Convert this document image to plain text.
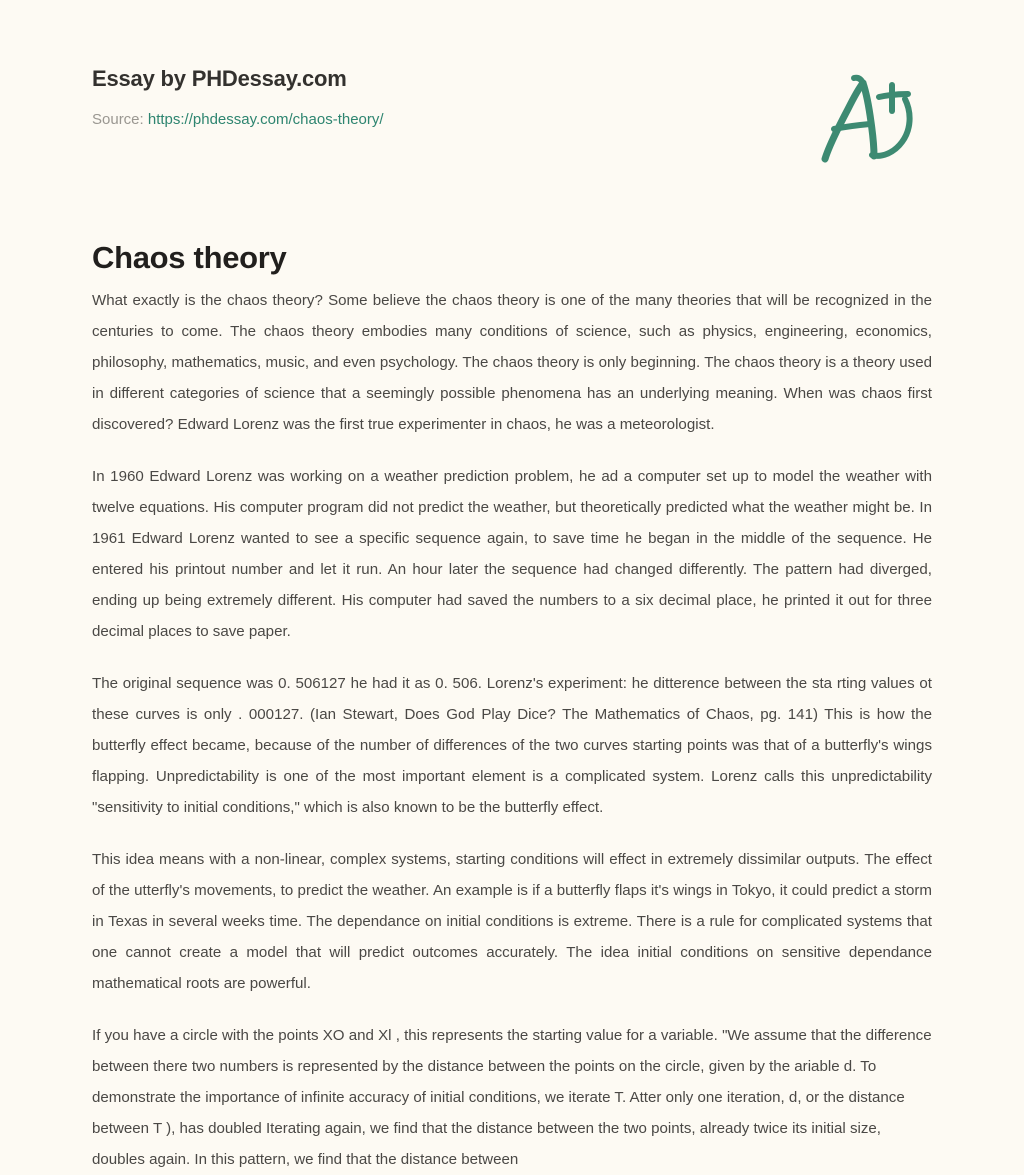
Essay by PHDessay.com
Source: https://phdessay.com/chaos-theory/
Chaos theory

What exactly is the chaos theory? Some believe the chaos theory is one of the many theories that will be recognized in the centuries to come. The chaos theory embodies many conditions of science, such as physics, engineering, economics, philosophy, mathematics, music, and even psychology. The chaos theory is only beginning. The chaos theory is a theory used in different categories of science that a seemingly possible phenomena has an underlying meaning. When was chaos first discovered? Edward Lorenz was the first true experimenter in chaos, he was a meteorologist.

In 1960 Edward Lorenz was working on a weather prediction problem, he ad a computer set up to model the weather with twelve equations. His computer program did not predict the weather, but theoretically predicted what the weather might be. In 1961 Edward Lorenz wanted to see a specific sequence again, to save time he began in the middle of the sequence. He entered his printout number and let it run. An hour later the sequence had changed differently. The pattern had diverged, ending up being extremely different. His computer had saved the numbers to a six decimal place, he printed it out for three decimal places to save paper.

The original sequence was 0. 506127 he had it as 0. 506. Lorenz's experiment: he ditterence between the sta rting values ot these curves is only . 000127. (Ian Stewart, Does God Play Dice? The Mathematics of Chaos, pg. 141) This is how the butterfly effect became, because of the number of differences of the two curves starting points was that of a butterfly's wings flapping. Unpredictability is one of the most important element is a complicated system. Lorenz calls this unpredictability "sensitivity to initial conditions," which is also known to be the butterfly effect.

This idea means with a non-linear, complex systems, starting conditions will effect in extremely dissimilar outputs. The effect of the utterfly's movements, to predict the weather. An example is if a butterfly flaps it's wings in Tokyo, it could predict a storm in Texas in several weeks time. The dependance on initial conditions is extreme. There is a rule for complicated systems that one cannot create a model that will predict outcomes accurately. The idea initial conditions on sensitive dependance mathematical roots are powerful.

If you have a circle with the points XO and Xl , this represents the starting value for a variable. "We assume that the difference between there two numbers is represented by the distance between the points on the circle, given by the ariable d. To demonstrate the importance of infinite accuracy of initial conditions, we iterate T. Atter only one iteration, d, or the distance between T ), has doubled Iterating again, we find that the distance between the two points, already twice its initial size, doubles again. In this pattern, we find that the distance between
